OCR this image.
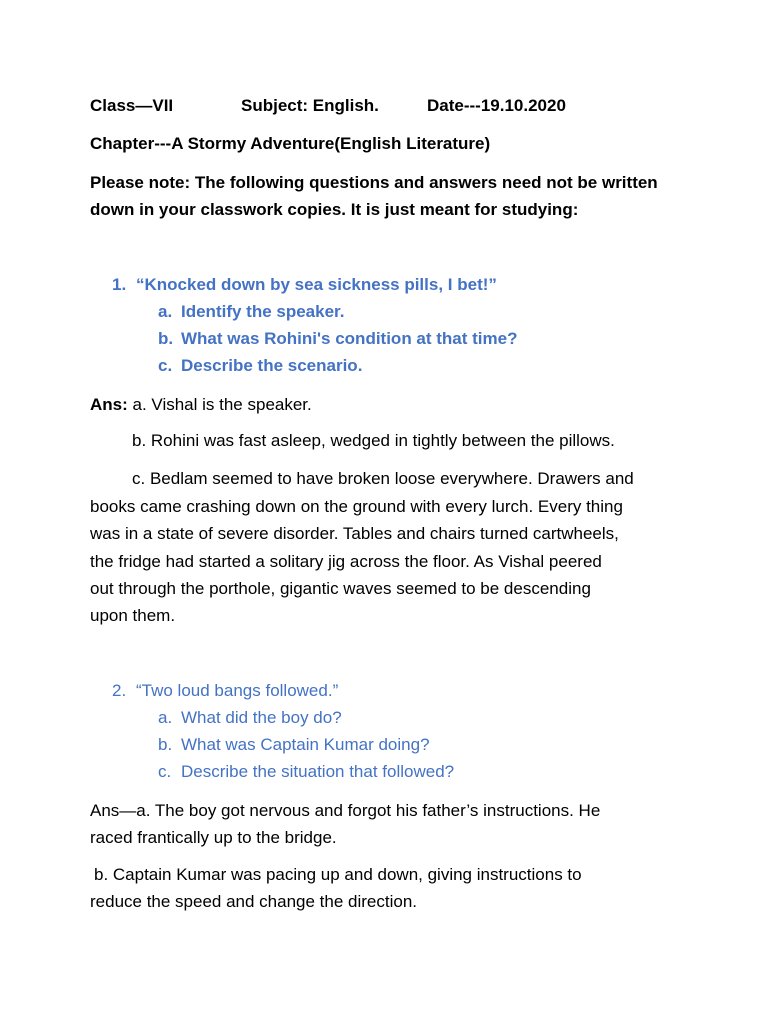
Class—VII	Subject: English.	Date---19.10.2020
Chapter---A Stormy Adventure(English Literature)
Please note: The following questions and answers need not be written
down in your classwork copies. It is just meant for studying:
1. “Knocked down by sea sickness pills, I bet!”
a. Identify the speaker.
b. What was Rohini's condition at that time?
c. Describe the scenario.
Ans: a. Vishal is the speaker.
b. Rohini was fast asleep, wedged in tightly between the pillows.
c. Bedlam seemed to have broken loose everywhere. Drawers and
books came crashing down on the ground with every lurch. Every thing
was in a state of severe disorder. Tables and chairs turned cartwheels,
the fridge had started a solitary jig across the floor. As Vishal peered
out through the porthole, gigantic waves seemed to be descending
upon them.
2. “Two loud bangs followed.”
a. What did the boy do?
b. What was Captain Kumar doing?
c. Describe the situation that followed?
Ans—a. The boy got nervous and forgot his father’s instructions. He
raced frantically up to the bridge.
b. Captain Kumar was pacing up and down, giving instructions to
reduce the speed and change the direction.
